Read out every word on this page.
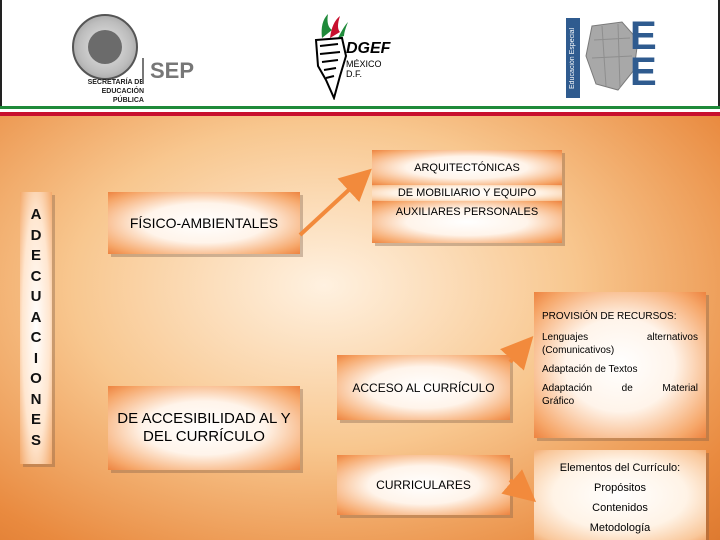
SECRETARÍA DE
EDUCACIÓN
PÚBLICA
SEP
DGEF
MÉXICO
D.F.	Educación Especial EE
A
D
E
C
U
A
C
I
O
N
E
S
FÍSICO-AMBIENTALES
ARQUITECTÓNICAS
DE MOBILIARIO Y EQUIPO
AUXILIARES PERSONALES
DE ACCESIBILIDAD AL Y DEL CURRÍCULO
ACCESO AL CURRÍCULO
CURRICULARES

PROVISIÓN DE RECURSOS:

Lenguajes	alternativos

(Comunicativos)

Adaptación de Textos

Adaptación	de	Material

Gráfico

Elementos del Currículo:
Propósitos
Contenidos
Metodología
